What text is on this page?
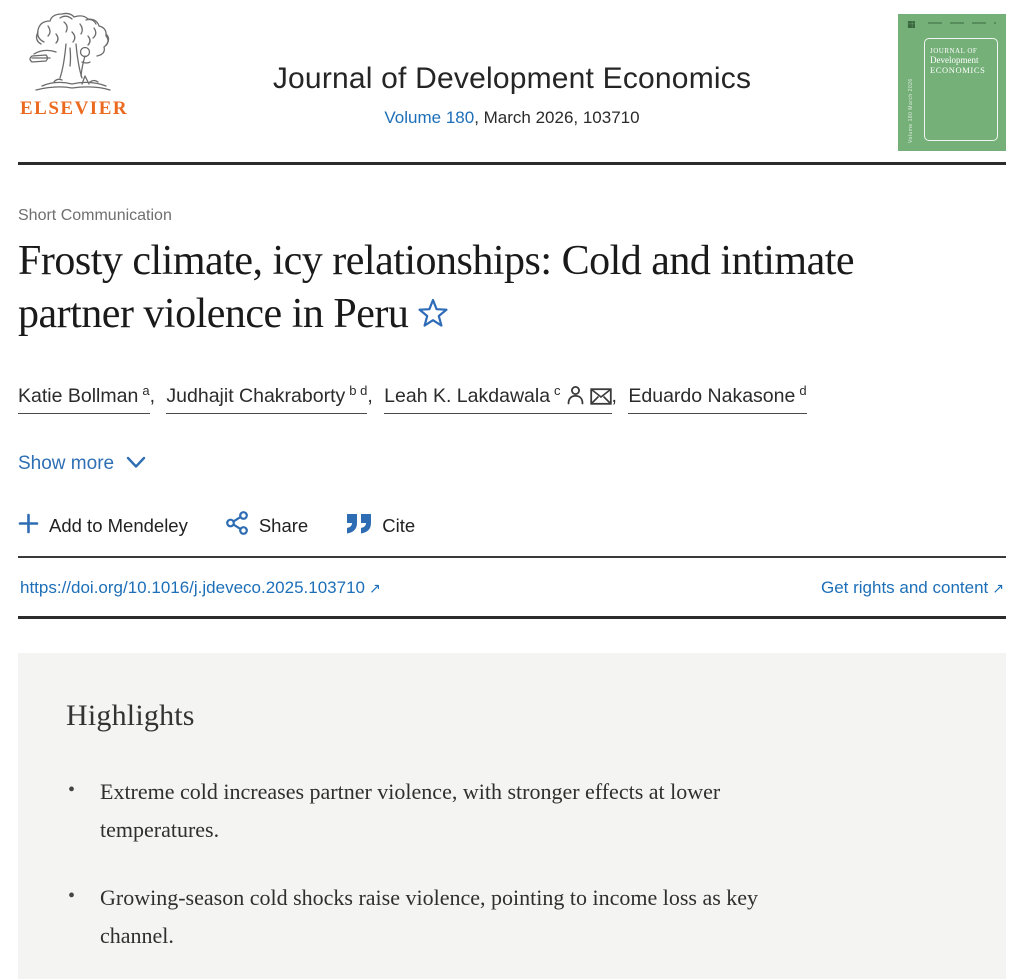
ELSEVIER
Journal of Development Economics
Volume 180, March 2026, 103710
▦
Volume 180 March 2026
JOURNAL OF
Development
ECONOMICS
Short Communication
Frosty climate, icy relationships: Cold and intimate partner violence in Peru
Katie Bollman $^a$, Judhajit Chakraborty $^{b d}$, Leah K. Lakdawala $^c$	, Eduardo Nakasone $^d$
Show more
Add to Mendeley	Share	Cite
https://doi.org/10.1016/j.jdeveco.2025.103710 ↗	Get rights and content ↗
Highlights
• Extreme cold increases partner violence, with stronger effects at lower temperatures.
• Growing-season cold shocks raise violence, pointing to income loss as key channel.
